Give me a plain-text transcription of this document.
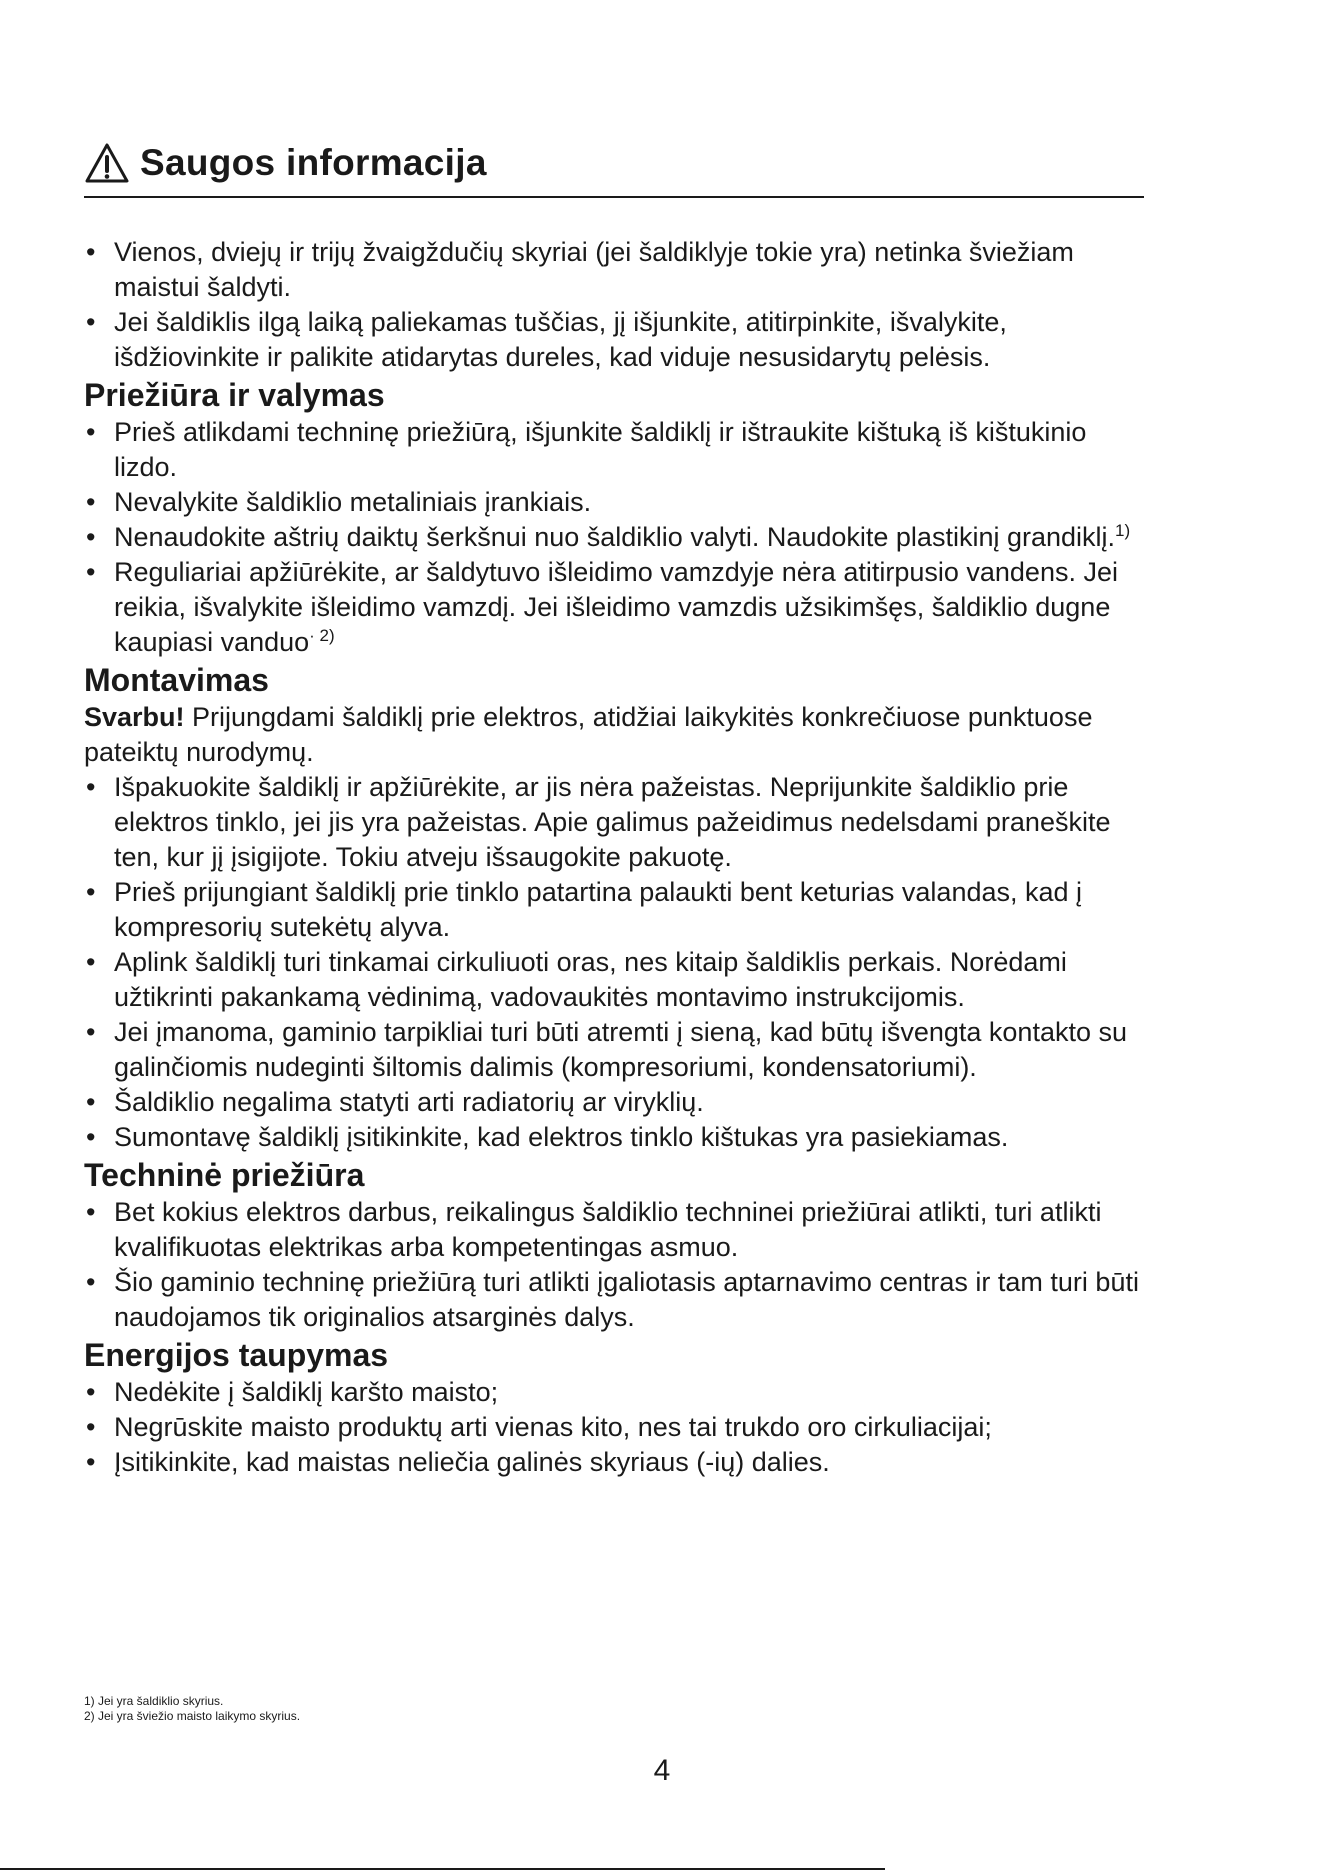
Saugos informacija
• Vienos, dviejų ir trijų žvaigždučių skyriai (jei šaldiklyje tokie yra) netinka šviežiam maistui šaldyti.
• Jei šaldiklis ilgą laiką paliekamas tuščias, jį išjunkite, atitirpinkite, išvalykite, išdžiovinkite ir palikite atidarytas dureles, kad viduje nesusidarytų pelėsis.
Priežiūra ir valymas
• Prieš atlikdami techninę priežiūrą, išjunkite šaldiklį ir ištraukite kištuką iš kištukinio lizdo.
• Nevalykite šaldiklio metaliniais įrankiais.
• Nenaudokite aštrių daiktų šerkšnui nuo šaldiklio valyti. Naudokite plastikinį grandiklį.$^{1)}$
• Reguliariai apžiūrėkite, ar šaldytuvo išleidimo vamzdyje nėra atitirpusio vandens. Jei reikia, išvalykite išleidimo vamzdį. Jei išleidimo vamzdis užsikimšęs, šaldiklio dugne kaupiasi vanduo$^{\cdot 2)}$
Montavimas
Svarbu! Prijungdami šaldiklį prie elektros, atidžiai laikykitės konkrečiuose punktuose pateiktų nurodymų.
• Išpakuokite šaldiklį ir apžiūrėkite, ar jis nėra pažeistas. Neprijunkite šaldiklio prie elektros tinklo, jei jis yra pažeistas. Apie galimus pažeidimus nedelsdami praneškite ten, kur jį įsigijote. Tokiu atveju išsaugokite pakuotę.
• Prieš prijungiant šaldiklį prie tinklo patartina palaukti bent keturias valandas, kad į kompresorių sutekėtų alyva.
• Aplink šaldiklį turi tinkamai cirkuliuoti oras, nes kitaip šaldiklis perkais. Norėdami užtikrinti pakankamą vėdinimą, vadovaukitės montavimo instrukcijomis.
• Jei įmanoma, gaminio tarpikliai turi būti atremti į sieną, kad būtų išvengta kontakto su galinčiomis nudeginti šiltomis dalimis (kompresoriumi, kondensatoriumi).
• Šaldiklio negalima statyti arti radiatorių ar viryklių.
• Sumontavę šaldiklį įsitikinkite, kad elektros tinklo kištukas yra pasiekiamas.
Techninė priežiūra
• Bet kokius elektros darbus, reikalingus šaldiklio techninei priežiūrai atlikti, turi atlikti kvalifikuotas elektrikas arba kompetentingas asmuo.
• Šio gaminio techninę priežiūrą turi atlikti įgaliotasis aptarnavimo centras ir tam turi būti naudojamos tik originalios atsarginės dalys.
Energijos taupymas
• Nedėkite į šaldiklį karšto maisto;
• Negrūskite maisto produktų arti vienas kito, nes tai trukdo oro cirkuliacijai;
• Įsitikinkite, kad maistas neliečia galinės skyriaus (-ių) dalies.
1) Jei yra šaldiklio skyrius.
2) Jei yra šviežio maisto laikymo skyrius.
4
